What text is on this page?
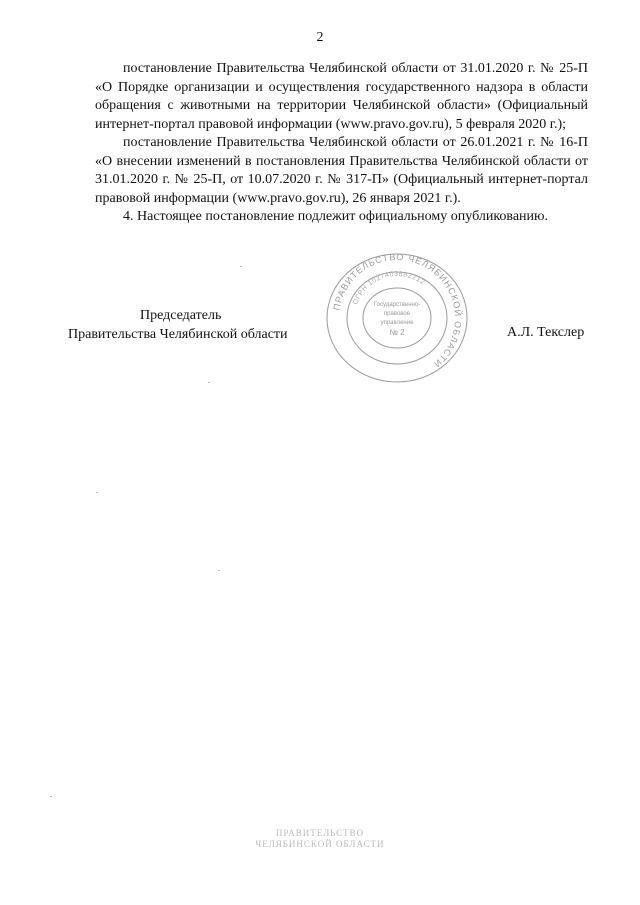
2

постановление Правительства Челябинской области от 31.01.2020 г. № 25-П «О Порядке организации и осуществления государственного надзора в области обращения с животными на территории Челябинской области» (Официальный интернет-портал правовой информации (www.pravo.gov.ru), 5 февраля 2020 г.);

постановление Правительства Челябинской области от 26.01.2021 г. № 16-П «О внесении изменений в постановления Правительства Челябинской области от 31.01.2020 г. № 25-П, от 10.07.2020 г. № 317-П» (Официальный интернет-портал правовой информации (www.pravo.gov.ru), 26 января 2021 г.).

4. Настоящее постановление подлежит официальному опубликованию.

Председатель
Правительства Челябинской области	А.Л. Текслер
ПРАВИТЕЛЬСТВО ЧЕЛЯБИНСКОЙ ОБЛАСТИ
ОГРН 1027403882212
Государственно-
правовое
управление
№ 2
ПРАВИТЕЛЬСТВО
ЧЕЛЯБИНСКОЙ ОБЛАСТИ
